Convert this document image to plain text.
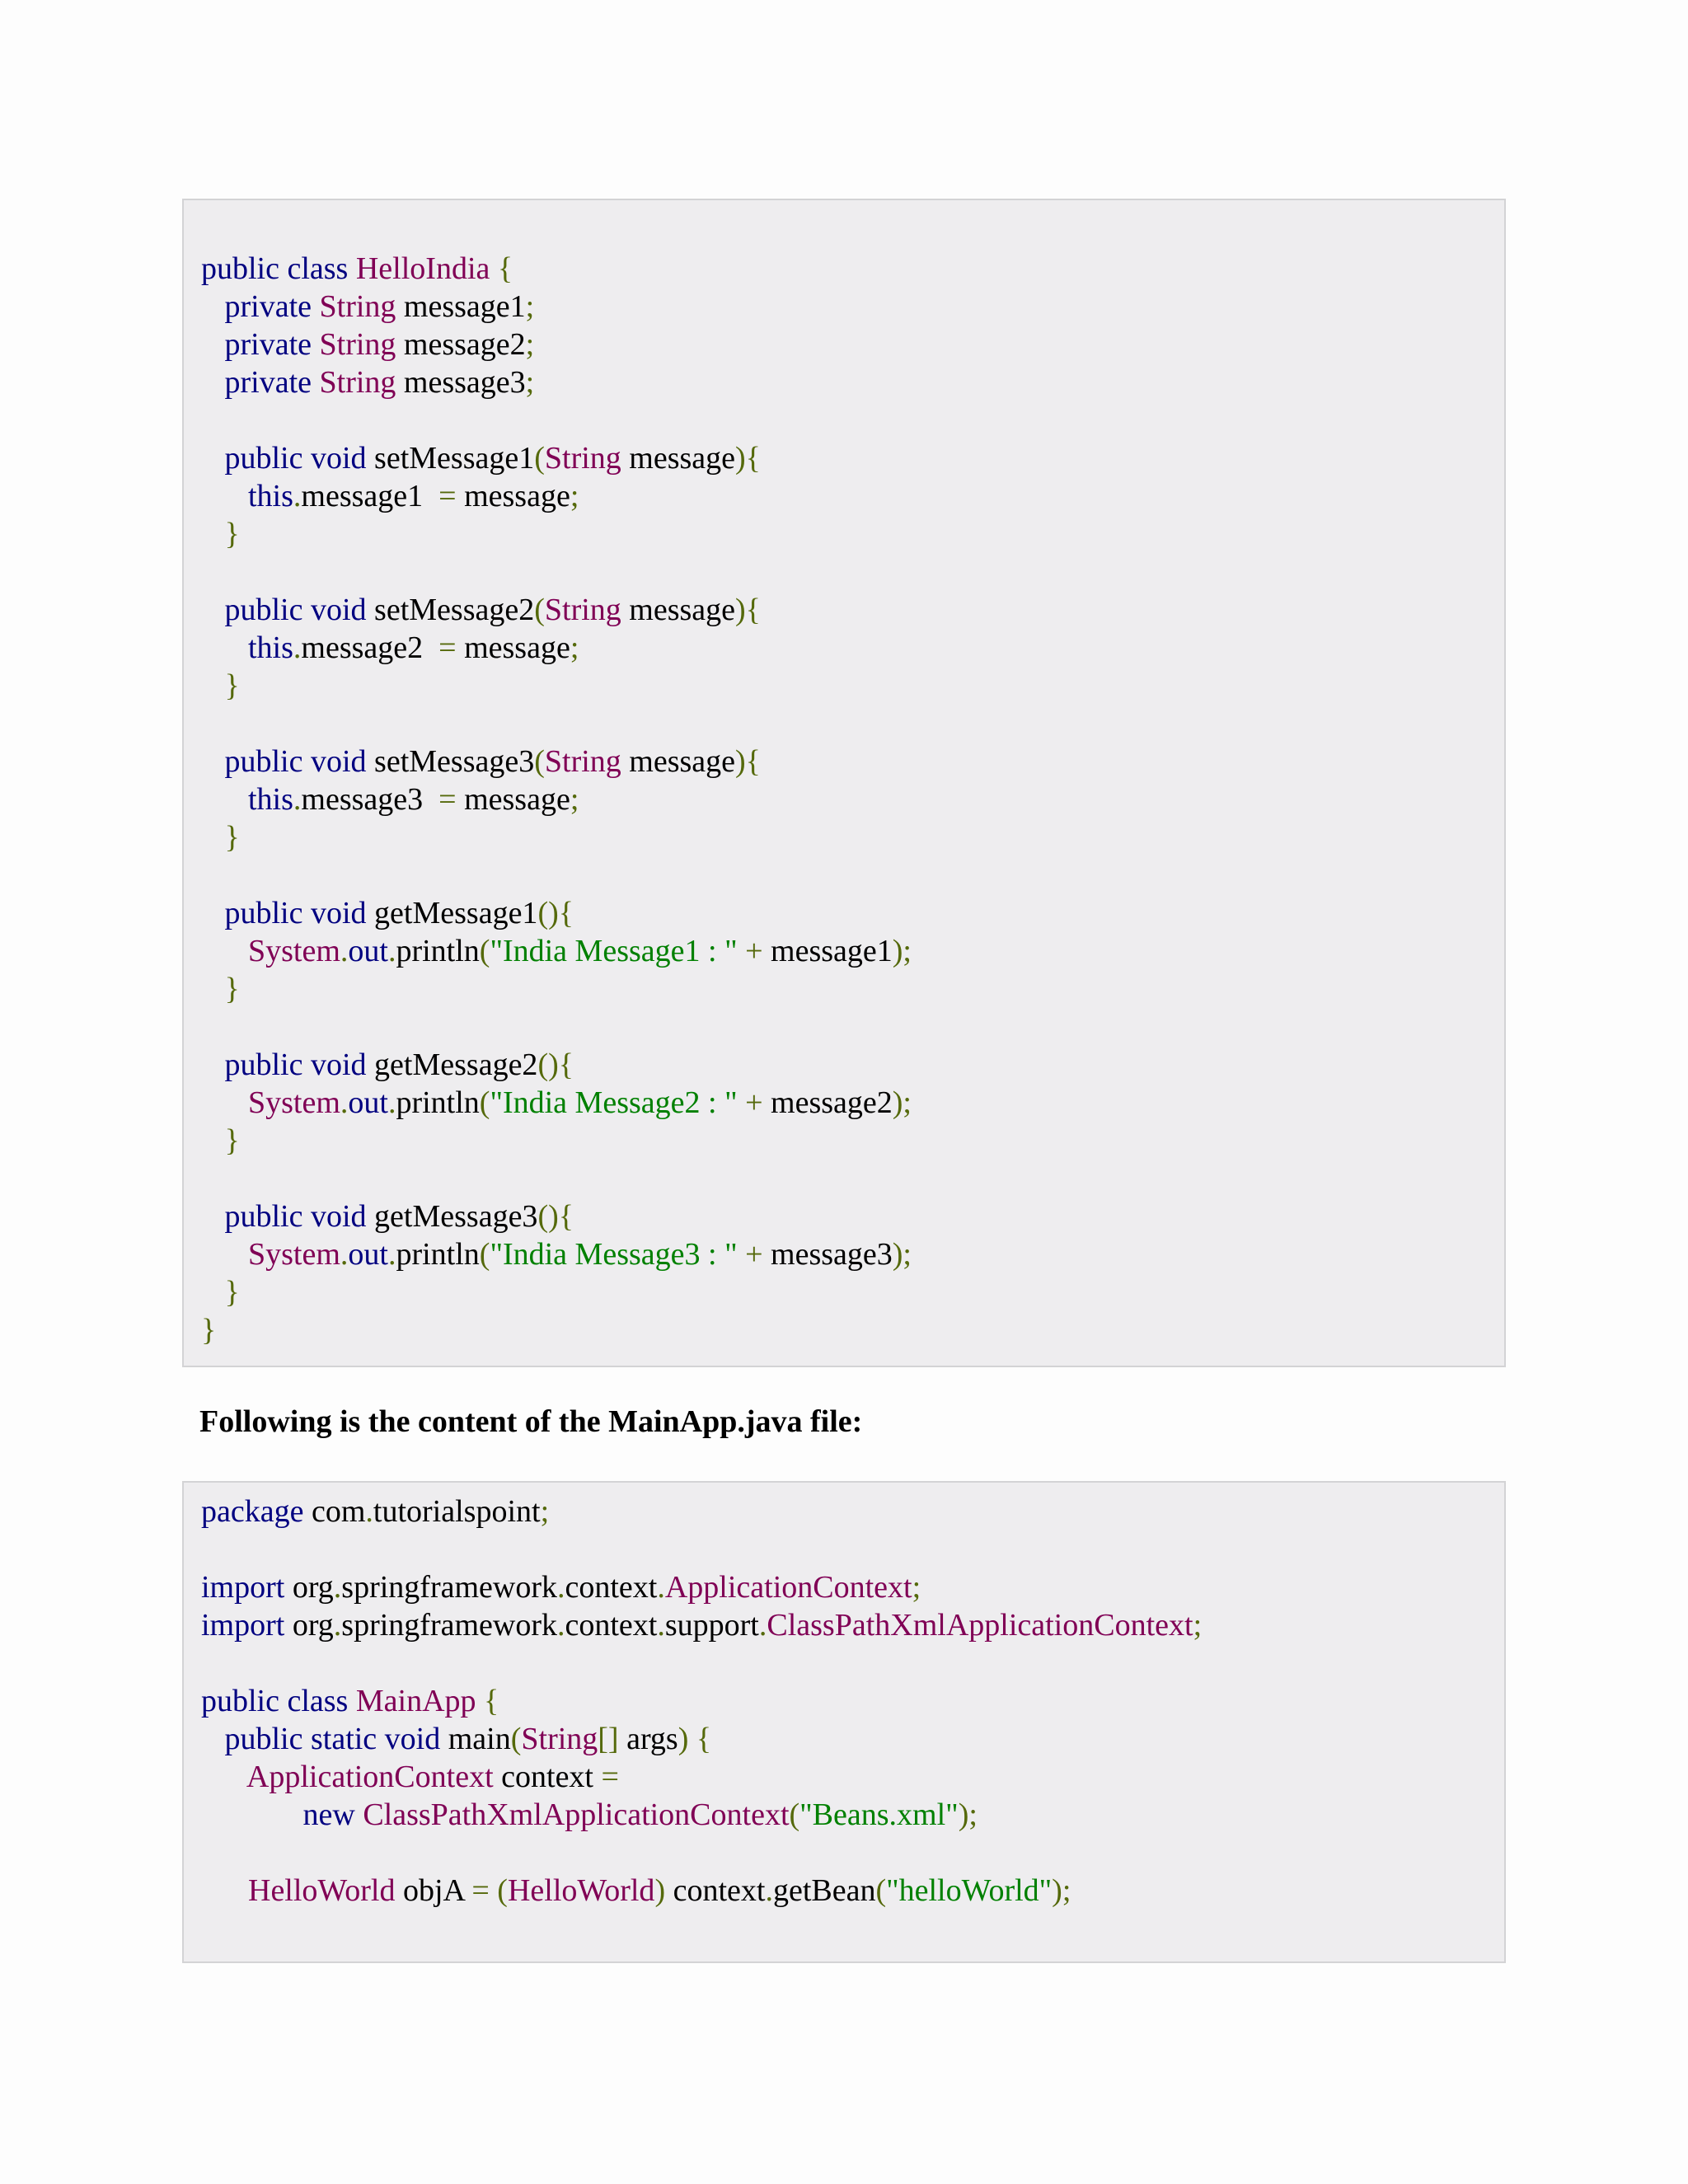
public class HelloIndia {
private String message1;
private String message2;
private String message3;
public void setMessage1(String message){
this.message1  = message;
}
public void setMessage2(String message){
this.message2  = message;
}
public void setMessage3(String message){
this.message3  = message;
}
public void getMessage1(){
System.out.println("India Message1 : " + message1);
}
public void getMessage2(){
System.out.println("India Message2 : " + message2);
}
public void getMessage3(){
System.out.println("India Message3 : " + message3);
}
}
Following is the content of the MainApp.java file:
package com.tutorialspoint;
import org.springframework.context.ApplicationContext;
import org.springframework.context.support.ClassPathXmlApplicationContext;
public class MainApp {
public static void main(String[] args) {
ApplicationContext context =
new ClassPathXmlApplicationContext("Beans.xml");
HelloWorld objA = (HelloWorld) context.getBean("helloWorld");
